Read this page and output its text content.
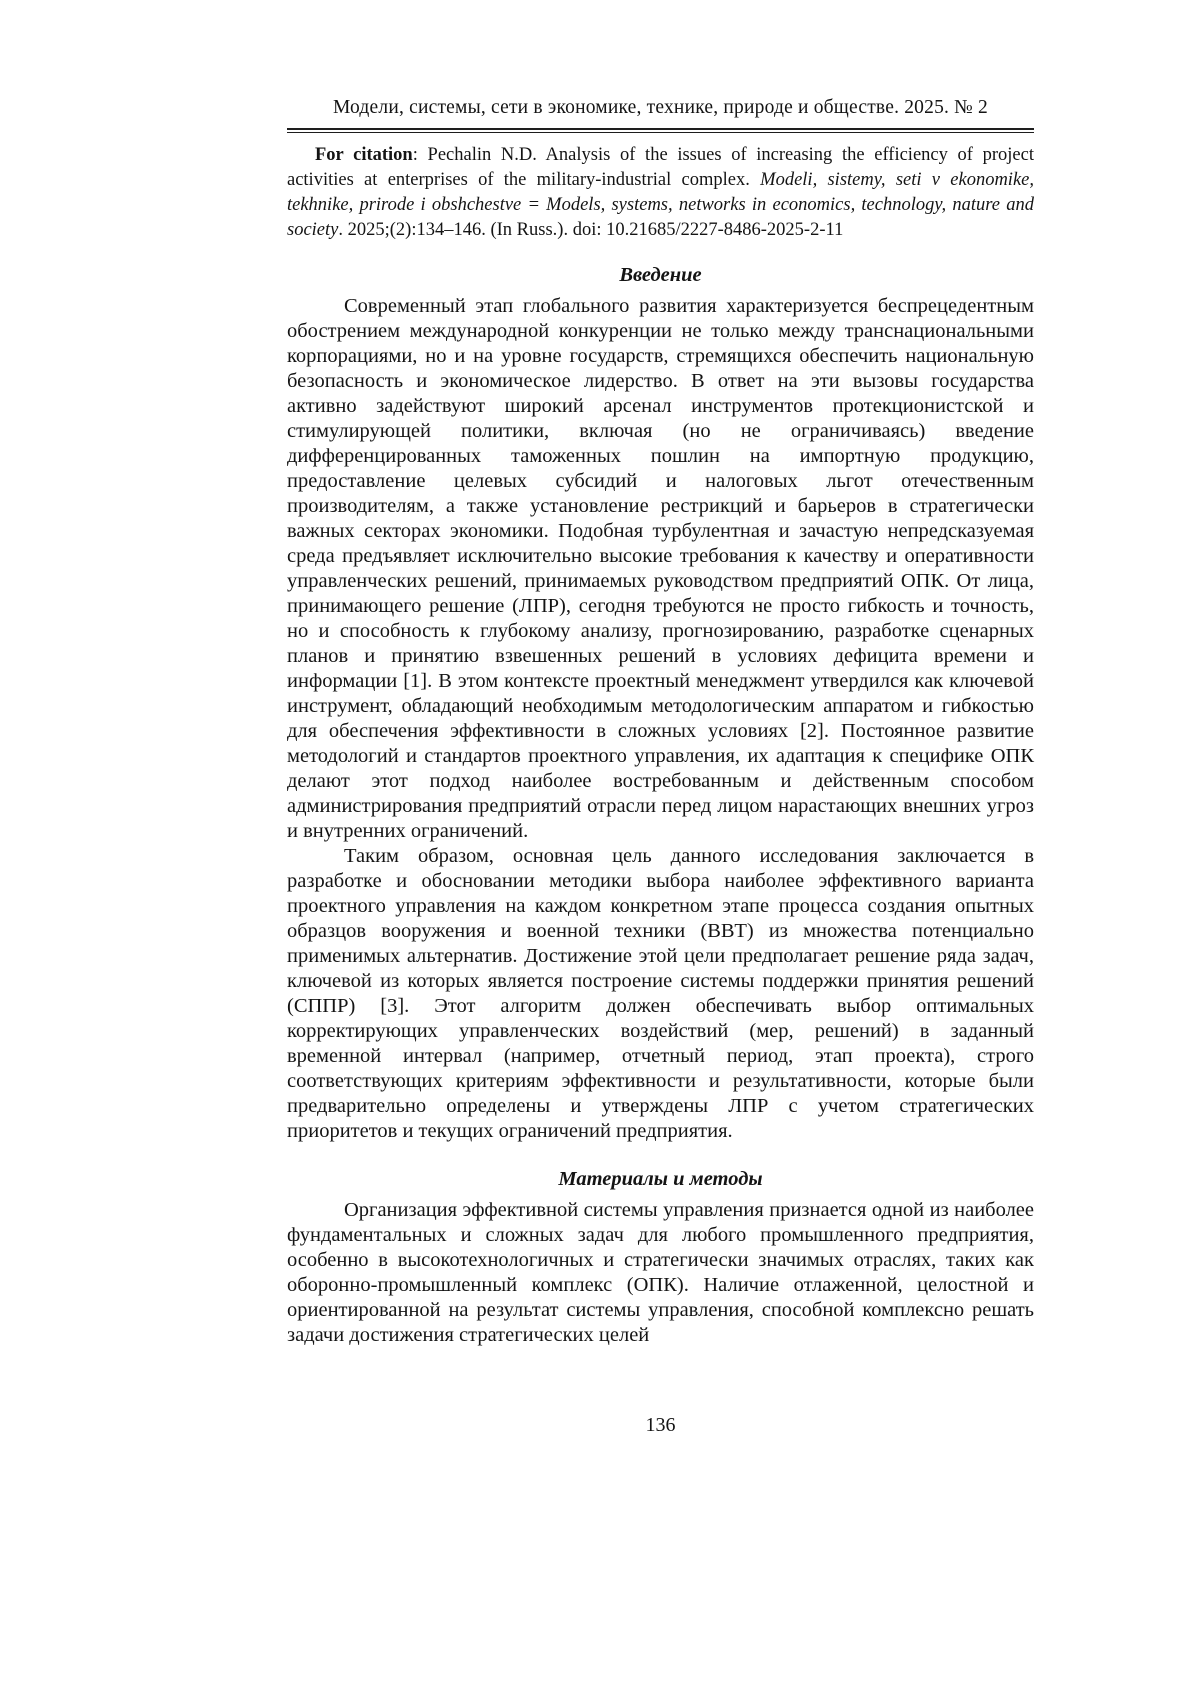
Модели, системы, сети в экономике, технике, природе и обществе. 2025. № 2

For citation: Pechalin N.D. Analysis of the issues of increasing the efficiency of project activities at enterprises of the military-industrial complex. Modeli, sistemy, seti v ekonomike, tekhnike, prirode i obshchestve = Models, systems, networks in economics, technology, nature and society. 2025;(2):134–146. (In Russ.). doi: 10.21685/2227-8486-2025-2-11

Введение

Современный этап глобального развития характеризуется беспрецедентным обострением международной конкуренции не только между транснациональными корпорациями, но и на уровне государств, стремящихся обеспечить национальную безопасность и экономическое лидерство. В ответ на эти вызовы государства активно задействуют широкий арсенал инструментов протекционистской и стимулирующей политики, включая (но не ограничиваясь) введение дифференцированных таможенных пошлин на импортную продукцию, предоставление целевых субсидий и налоговых льгот отечественным производителям, а также установление рестрикций и барьеров в стратегически важных секторах экономики. Подобная турбулентная и зачастую непредсказуемая среда предъявляет исключительно высокие требования к качеству и оперативности управленческих решений, принимаемых руководством предприятий ОПК. От лица, принимающего решение (ЛПР), сегодня требуются не просто гибкость и точность, но и способность к глубокому анализу, прогнозированию, разработке сценарных планов и принятию взвешенных решений в условиях дефицита времени и информации [1]. В этом контексте проектный менеджмент утвердился как ключевой инструмент, обладающий необходимым методологическим аппаратом и гибкостью для обеспечения эффективности в сложных условиях [2]. Постоянное развитие методологий и стандартов проектного управления, их адаптация к специфике ОПК делают этот подход наиболее востребованным и действенным способом администрирования предприятий отрасли перед лицом нарастающих внешних угроз и внутренних ограничений.

Таким образом, основная цель данного исследования заключается в разработке и обосновании методики выбора наиболее эффективного варианта проектного управления на каждом конкретном этапе процесса создания опытных образцов вооружения и военной техники (ВВТ) из множества потенциально применимых альтернатив. Достижение этой цели предполагает решение ряда задач, ключевой из которых является построение системы поддержки принятия решений (СППР) [3]. Этот алгоритм должен обеспечивать выбор оптимальных корректирующих управленческих воздействий (мер, решений) в заданный временной интервал (например, отчетный период, этап проекта), строго соответствующих критериям эффективности и результативности, которые были предварительно определены и утверждены ЛПР с учетом стратегических приоритетов и текущих ограничений предприятия.

Материалы и методы

Организация эффективной системы управления признается одной из наиболее фундаментальных и сложных задач для любого промышленного предприятия, особенно в высокотехнологичных и стратегически значимых отраслях, таких как оборонно-промышленный комплекс (ОПК). Наличие отлаженной, целостной и ориентированной на результат системы управления, способной комплексно решать задачи достижения стратегических целей

136
